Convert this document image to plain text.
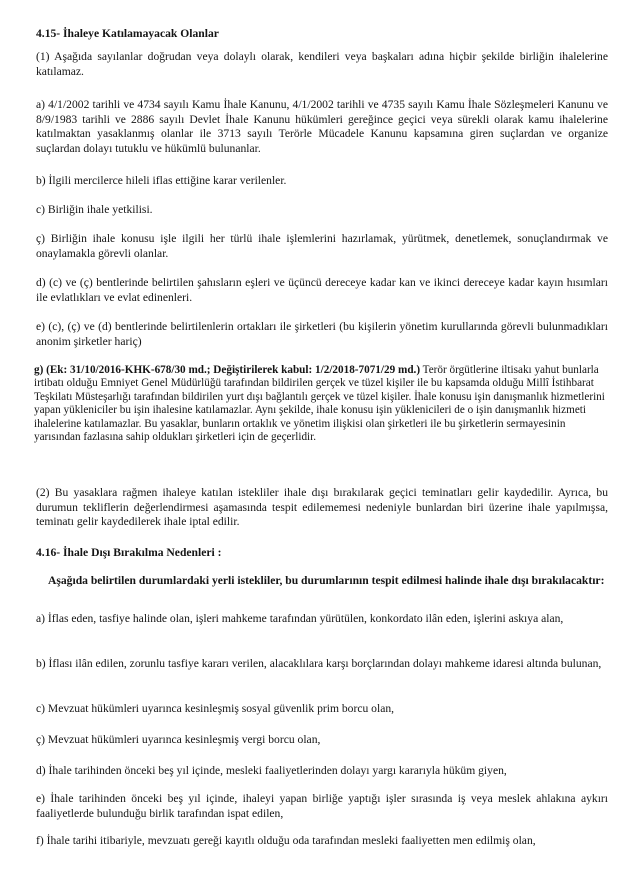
4.15- İhaleye Katılamayacak Olanlar

(1) Aşağıda sayılanlar doğrudan veya dolaylı olarak, kendileri veya başkaları adına hiçbir şekilde birliğin ihalelerine katılamaz.

a) 4/1/2002 tarihli ve 4734 sayılı Kamu İhale Kanunu, 4/1/2002 tarihli ve 4735 sayılı Kamu İhale Sözleşmeleri Kanunu ve 8/9/1983 tarihli ve 2886 sayılı Devlet İhale Kanunu hükümleri gereğince geçici veya sürekli olarak kamu ihalelerine katılmaktan yasaklanmış olanlar ile 3713 sayılı Terörle Mücadele Kanunu kapsamına giren suçlardan ve organize suçlardan dolayı tutuklu ve hükümlü bulunanlar.

b) İlgili mercilerce hileli iflas ettiğine karar verilenler.

c) Birliğin ihale yetkilisi.

ç) Birliğin ihale konusu işle ilgili her türlü ihale işlemlerini hazırlamak, yürütmek, denetlemek, sonuçlandırmak ve onaylamakla görevli olanlar.

d) (c) ve (ç) bentlerinde belirtilen şahısların eşleri ve üçüncü dereceye kadar kan ve ikinci dereceye kadar kayın hısımları ile evlatlıkları ve evlat edinenleri.

e) (c), (ç) ve (d) bentlerinde belirtilenlerin ortakları ile şirketleri (bu kişilerin yönetim kurullarında görevli bulunmadıkları anonim şirketler hariç)

g) (Ek: 31/10/2016-KHK-678/30 md.; Değiştirilerek kabul: 1/2/2018-7071/29 md.) Terör örgütlerine iltisakı yahut bunlarla irtibatı olduğu Emniyet Genel Müdürlüğü tarafından bildirilen gerçek ve tüzel kişiler ile bu kapsamda olduğu Millî İstihbarat Teşkilatı Müsteşarlığı tarafından bildirilen yurt dışı bağlantılı gerçek ve tüzel kişiler. İhale konusu işin danışmanlık hizmetlerini yapan yükleniciler bu işin ihalesine katılamazlar. Aynı şekilde, ihale konusu işin yüklenicileri de o işin danışmanlık hizmeti ihalelerine katılamazlar. Bu yasaklar, bunların ortaklık ve yönetim ilişkisi olan şirketleri ile bu şirketlerin sermayesinin yarısından fazlasına sahip oldukları şirketleri için de geçerlidir.

(2) Bu yasaklara rağmen ihaleye katılan istekliler ihale dışı bırakılarak geçici teminatları gelir kaydedilir. Ayrıca, bu durumun tekliflerin değerlendirmesi aşamasında tespit edilememesi nedeniyle bunlardan biri üzerine ihale yapılmışsa, teminatı gelir kaydedilerek ihale iptal edilir.

4.16- İhale Dışı Bırakılma Nedenleri :

Aşağıda belirtilen durumlardaki yerli istekliler, bu durumlarının tespit edilmesi halinde ihale dışı bırakılacaktır:

a) İflas eden, tasfiye halinde olan, işleri mahkeme tarafından yürütülen, konkordato ilân eden, işlerini askıya alan,

b) İflası ilân edilen, zorunlu tasfiye kararı verilen, alacaklılara karşı borçlarından dolayı mahkeme idaresi altında bulunan,

c) Mevzuat hükümleri uyarınca kesinleşmiş sosyal güvenlik prim borcu olan,

ç) Mevzuat hükümleri uyarınca kesinleşmiş vergi borcu olan,

d) İhale tarihinden önceki beş yıl içinde, mesleki faaliyetlerinden dolayı yargı kararıyla hüküm giyen,

e) İhale tarihinden önceki beş yıl içinde, ihaleyi yapan birliğe yaptığı işler sırasında iş veya meslek ahlakına aykırı faaliyetlerde bulunduğu birlik tarafından ispat edilen,

f) İhale tarihi itibariyle, mevzuatı gereği kayıtlı olduğu oda tarafından mesleki faaliyetten men edilmiş olan,
